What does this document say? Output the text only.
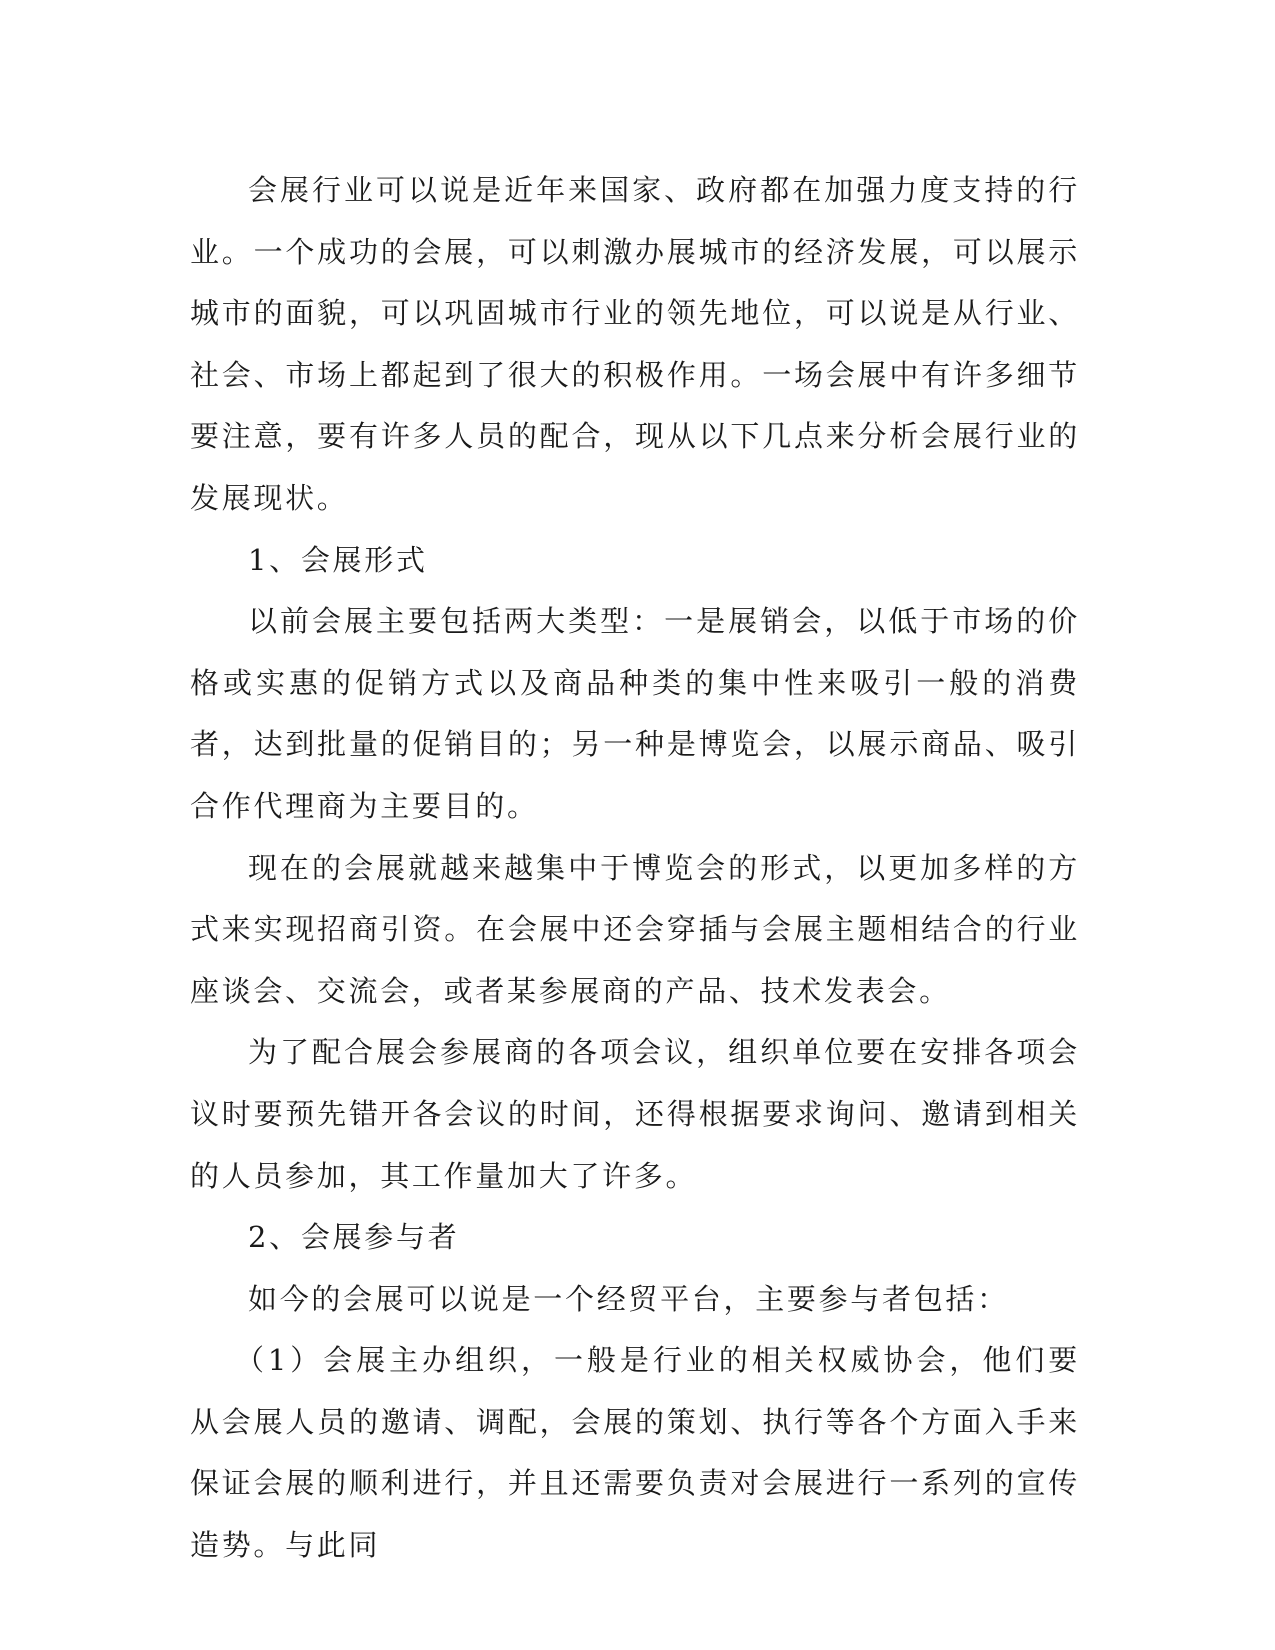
会展行业可以说是近年来国家、政府都在加强力度支持的行业。一个成功的会展，可以刺激办展城市的经济发展，可以展示城市的面貌，可以巩固城市行业的领先地位，可以说是从行业、社会、市场上都起到了很大的积极作用。一场会展中有许多细节要注意，要有许多人员的配合，现从以下几点来分析会展行业的发展现状。

1、会展形式

以前会展主要包括两大类型：一是展销会，以低于市场的价格或实惠的促销方式以及商品种类的集中性来吸引一般的消费者，达到批量的促销目的；另一种是博览会，以展示商品、吸引合作代理商为主要目的。

现在的会展就越来越集中于博览会的形式，以更加多样的方式来实现招商引资。在会展中还会穿插与会展主题相结合的行业座谈会、交流会，或者某参展商的产品、技术发表会。

为了配合展会参展商的各项会议，组织单位要在安排各项会议时要预先错开各会议的时间，还得根据要求询问、邀请到相关的人员参加，其工作量加大了许多。

2、会展参与者

如今的会展可以说是一个经贸平台，主要参与者包括：

（1）会展主办组织，一般是行业的相关权威协会，他们要从会展人员的邀请、调配，会展的策划、执行等各个方面入手来保证会展的顺利进行，并且还需要负责对会展进行一系列的宣传造势。与此同
